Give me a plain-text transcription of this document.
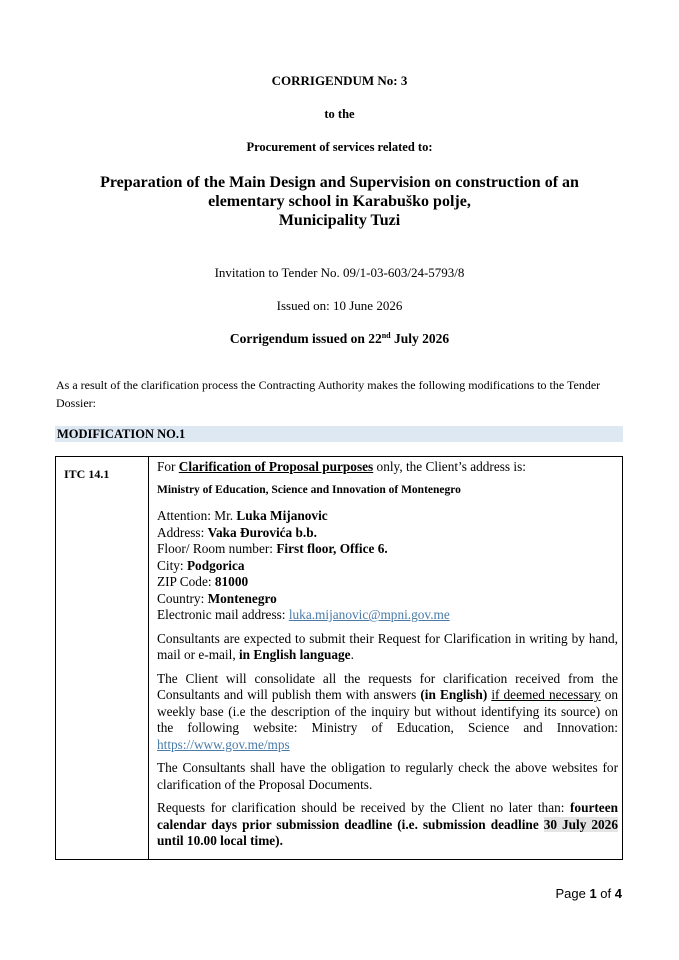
CORRIGENDUM No: 3
to the
Procurement of services related to:
Preparation of the Main Design and Supervision on construction of an
elementary school in Karabuško polje,
Municipality Tuzi
Invitation to Tender No. 09/1-03-603/24-5793/8
Issued on: 10 June 2026
Corrigendum issued on 22nd July 2026
As a result of the clarification process the Contracting Authority makes the following modifications to the Tender Dossier:
MODIFICATION NO.1
ITC 14.1	For Clarification of Proposal purposes only, the Client’s address is:

Ministry of Education, Science and Innovation of Montenegro

Attention: Mr. Luka Mijanovic

Address: Vaka Đurovića b.b.

Floor/ Room number: First floor, Office 6.

City: Podgorica

ZIP Code: 81000

Country: Montenegro

Electronic mail address: luka.mijanovic@mpni.gov.me

Consultants are expected to submit their Request for Clarification in writing by hand, mail or e-mail, in English language.

The Client will consolidate all the requests for clarification received from the Consultants and will publish them with answers (in English) if deemed necessary on weekly base (i.e the description of the inquiry but without identifying its source) on the following website: Ministry of Education, Science and Innovation: https://www.gov.me/mps

The Consultants shall have the obligation to regularly check the above websites for clarification of the Proposal Documents.

Requests for clarification should be received by the Client no later than: fourteen calendar days prior submission deadline (i.e. submission deadline 30 July 2026 until 10.00 local time).

Page 1 of 4
